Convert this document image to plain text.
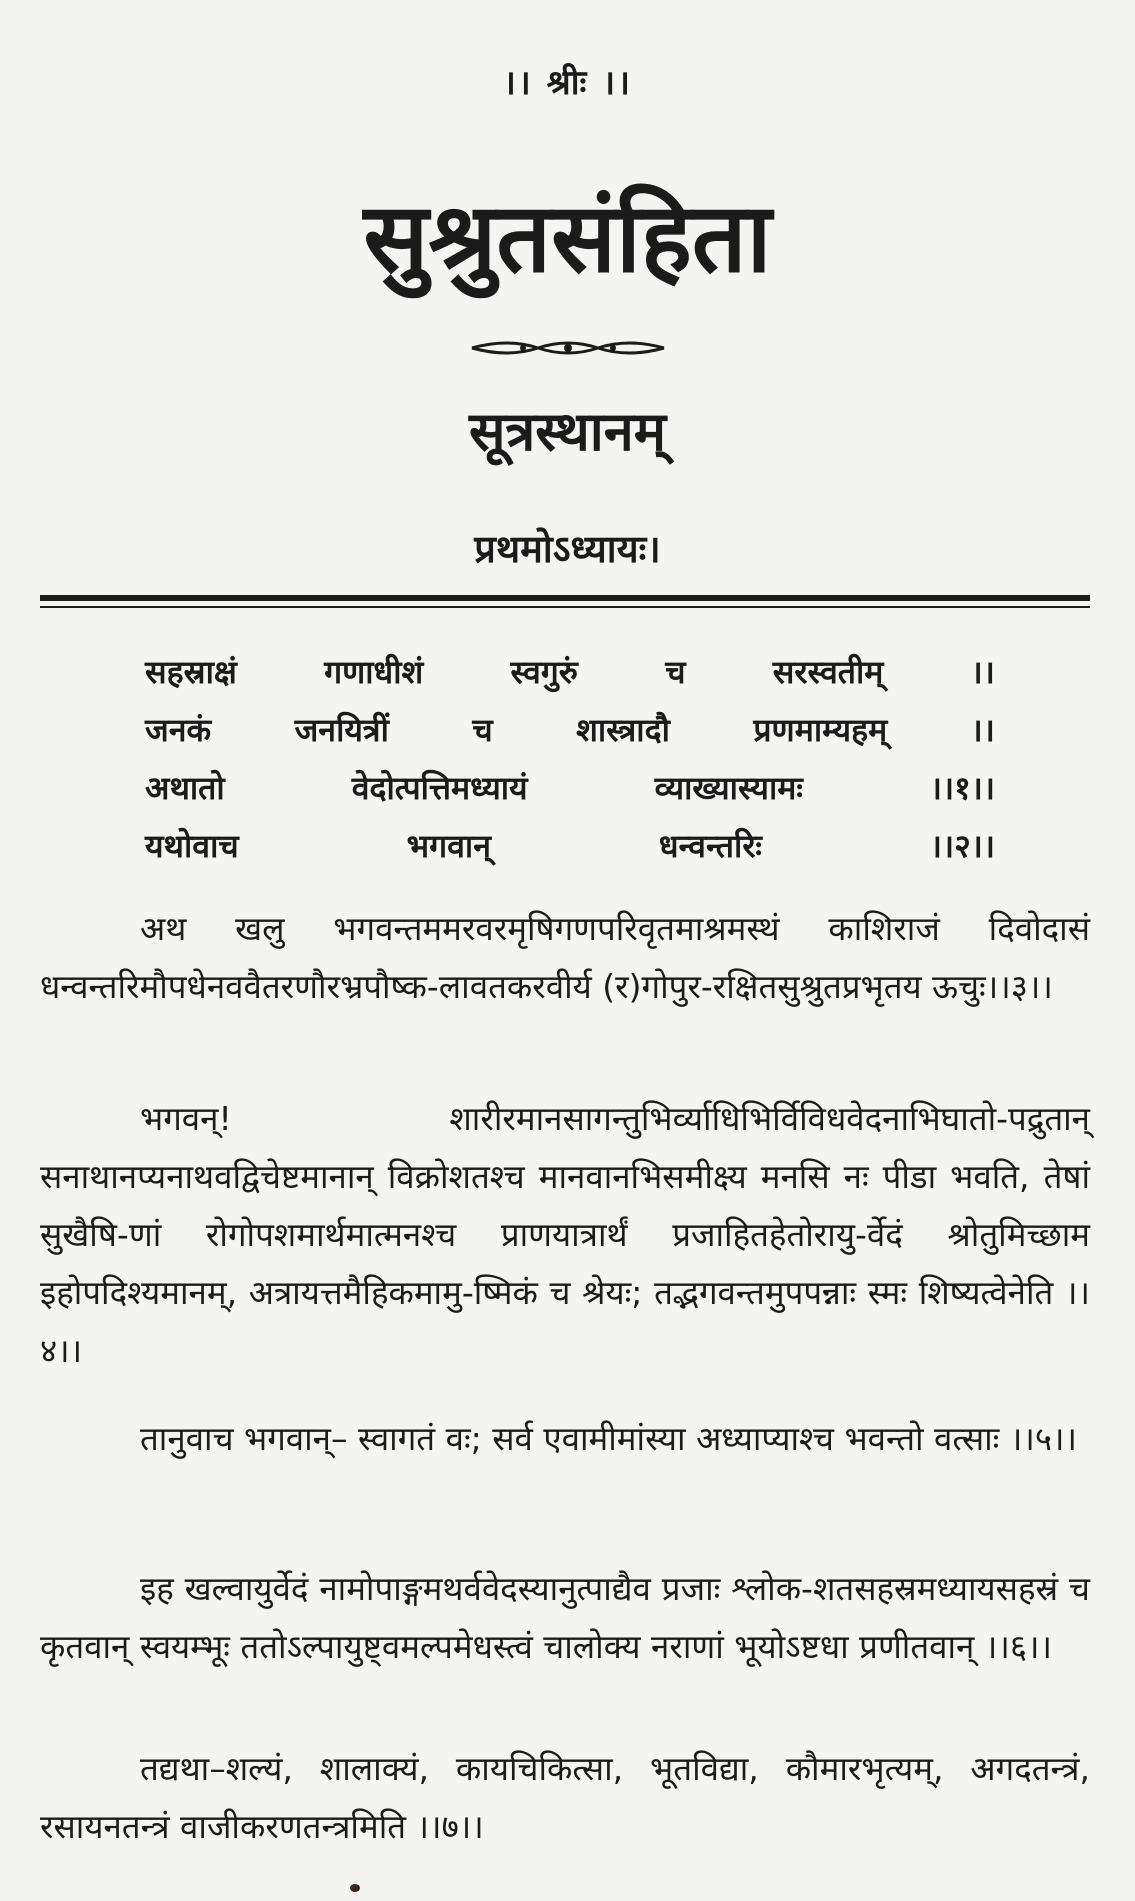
।। श्रीः ।।
सुश्रुतसंहिता
सूत्रस्थानम्
प्रथमोऽध्यायः।
सहस्राक्षं	गणाधीशं	स्वगुरुं	च	सरस्वतीम्	।।
जनकं	जनयित्रीं	च	शास्त्रादौ	प्रणमाम्यहम्	।।
अथातो	वेदोत्पत्तिमध्यायं	व्याख्यास्यामः	।।१।।
यथोवाच	भगवान्	धन्वन्तरिः	।।२।।

अथ खलु भगवन्तममरवरमृषिगणपरिवृतमाश्रमस्थं काशिराजं दिवोदासं धन्वन्तरिमौपधेनववैतरणौरभ्रपौष्क-लावतकरवीर्य (र)गोपुर-रक्षितसुश्रुतप्रभृतय ऊचुः।।३।।

भगवन्! शारीरमानसागन्तुभिर्व्याधिभिर्विविधवेदनाभिघातो-पद्रुतान् सनाथानप्यनाथवद्विचेष्टमानान् विक्रोशतश्च मानवानभिसमीक्ष्य मनसि नः पीडा भवति, तेषां सुखैषि-णां रोगोपशमार्थमात्मनश्च प्राणयात्रार्थं प्रजाहितहेतोरायु-र्वेदं श्रोतुमिच्छाम इहोपदिश्यमानम्, अत्रायत्तमैहिकमामु-ष्मिकं च श्रेयः; तद्भगवन्तमुपपन्नाः स्मः शिष्यत्वेनेति ।।४।।

तानुवाच भगवान्– स्वागतं वः; सर्व एवामीमांस्या अध्याप्याश्च भवन्तो वत्साः ।।५।।

इह खल्वायुर्वेदं नामोपाङ्गमथर्ववेदस्यानुत्पाद्यैव प्रजाः श्लोक-शतसहस्रमध्यायसहस्रं च कृतवान् स्वयम्भूः ततोऽल्पायुष्ट्वमल्पमेधस्त्वं चालोक्य नराणां भूयोऽष्टधा प्रणीतवान् ।।६।।

तद्यथा–शल्यं, शालाक्यं, कायचिकित्सा, भूतविद्या, कौमारभृत्यम्, अगदतन्त्रं, रसायनतन्त्रं वाजीकरणतन्त्रमिति ।।७।।
